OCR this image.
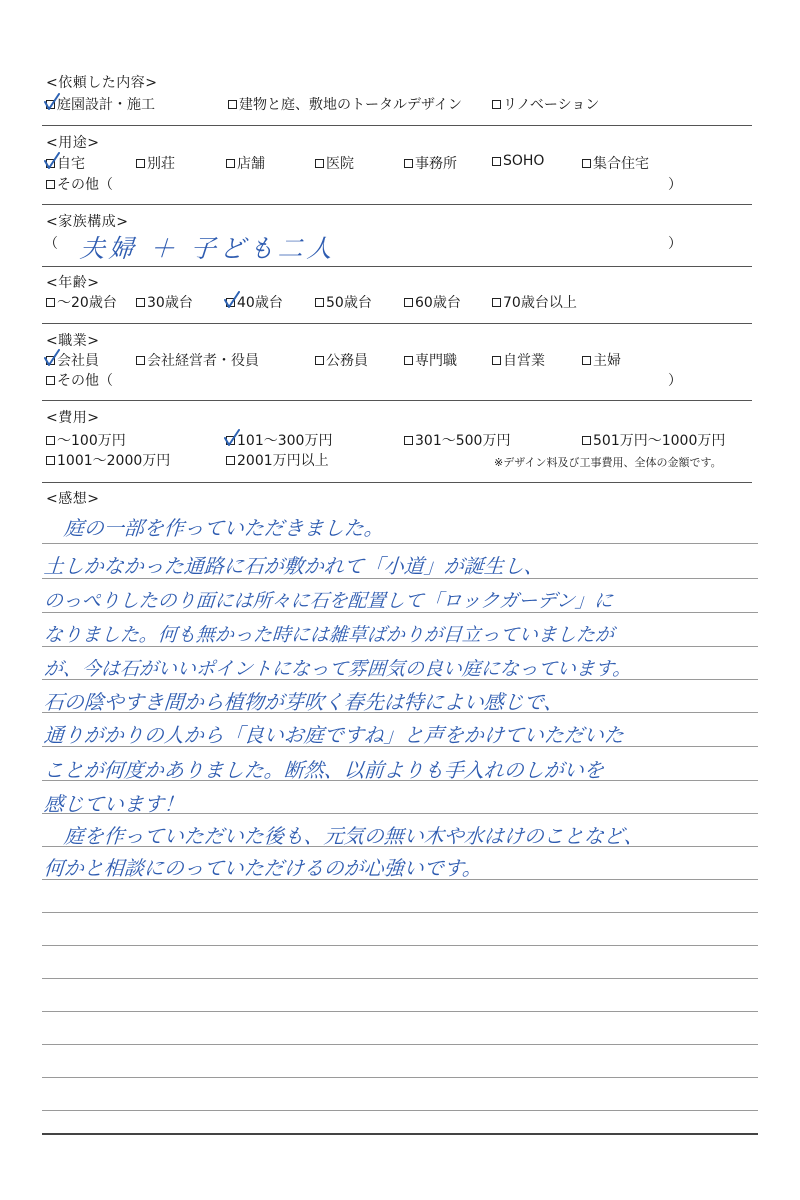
<依頼した内容>
庭園設計・施工	建物と庭、敷地のトータルデザイン	リノベーション
<用途>
自宅	別荘	店舗	医院	事務所	SOHO	集合住宅
その他（	）
<家族構成>
（ 夫婦 ＋ 子ども二人	）
<年齢>
～20歳台 30歳台	40歳台	50歳台	60歳台	70歳台以上
<職業>
会社員	会社経営者・役員	公務員	専門職	自営業	主婦
その他（	）
<費用>
～100万円	101～300万円	301～500万円	501万円～1000万円
1001～2000万円	2001万円以上	※デザイン料及び工事費用、全体の金額です。
<感想>
　庭の一部を作っていただきました。
土しかなかった通路に石が敷かれて「小道」が誕生し、
のっぺりしたのり面には所々に石を配置して「ロックガーデン」に
なりました。何も無かった時には雑草ばかりが目立っていましたが
が、今は石がいいポイントになって雰囲気の良い庭になっています。
石の陰やすき間から植物が芽吹く春先は特によい感じで、
通りがかりの人から「良いお庭ですね」と声をかけていただいた
ことが何度かありました。断然、以前よりも手入れのしがいを
感じています！
　庭を作っていただいた後も、元気の無い木や水はけのことなど、
何かと相談にのっていただけるのが心強いです。
